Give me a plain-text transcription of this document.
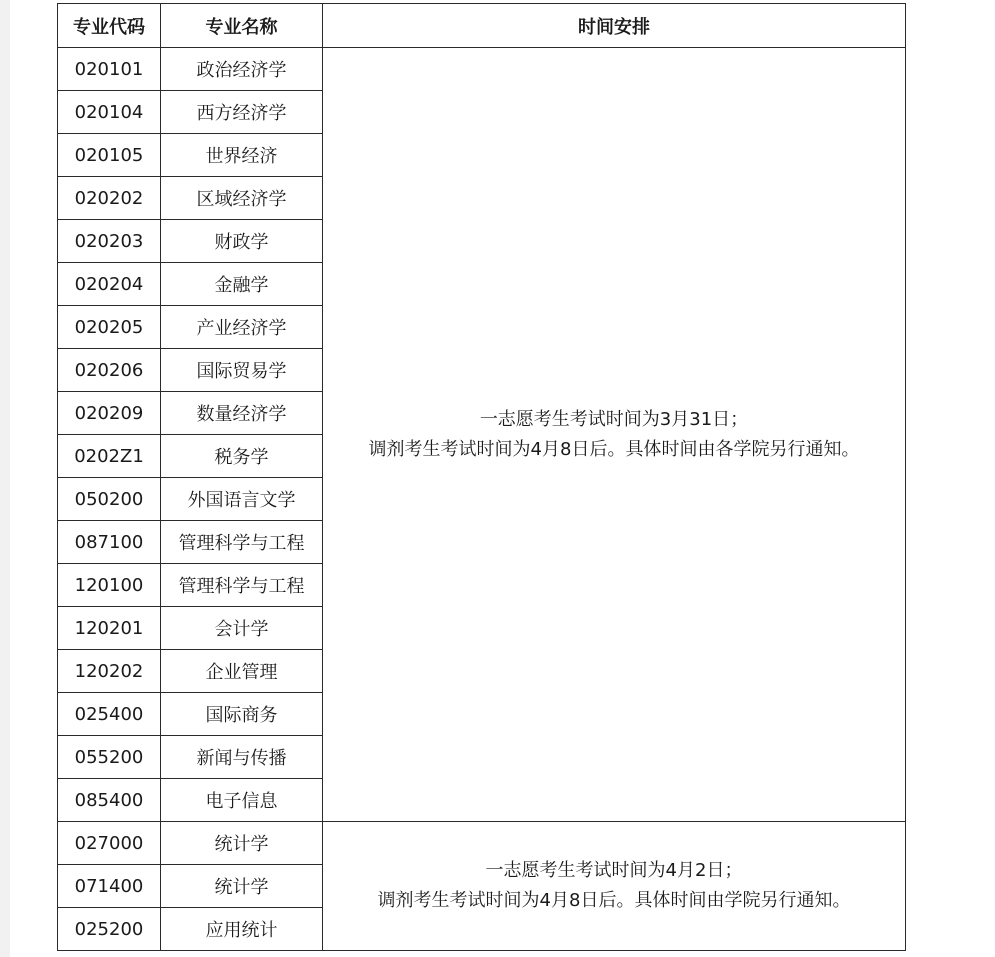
专业代码	专业名称	时间安排
020101	政治经济学	一志愿考生考试时间为3月31日；
调剂考生考试时间为4月8日后。具体时间由各学院另行通知。

020104	西方经济学	
020105	世界经济	
020202	区域经济学	
020203	财政学	
020204	金融学	
020205	产业经济学	
020206	国际贸易学	
020209	数量经济学	
0202Z1	税务学	
050200	外国语言文学	
087100	管理科学与工程	
120100	管理科学与工程	
120201	会计学	
120202	企业管理	
025400	国际商务	
055200	新闻与传播	
085400	电子信息	
027000	统计学	一志愿考生考试时间为4月2日；
调剂考生考试时间为4月8日后。具体时间由学院另行通知。

071400	统计学	
025200	应用统计	
